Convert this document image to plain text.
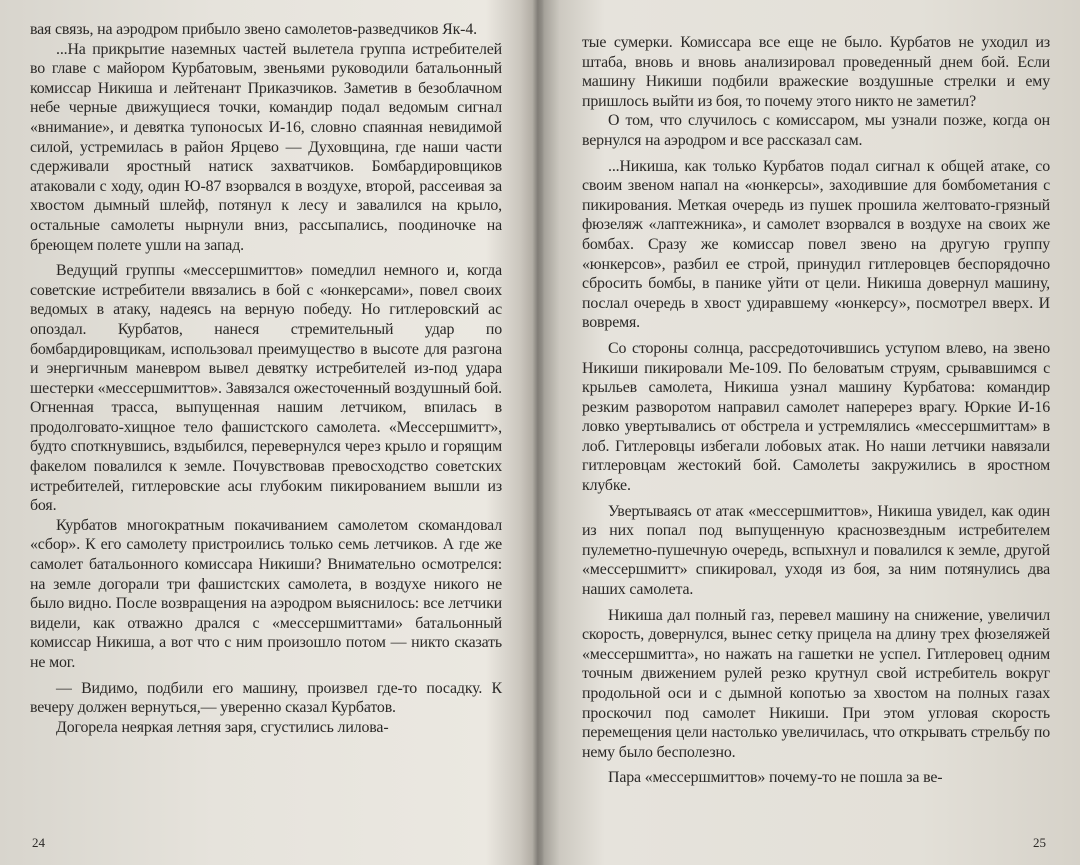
вая связь, на аэродром прибыло звено самолетов-разведчиков Як-4.

...На прикрытие наземных частей вылетела группа истребителей во главе с майором Курбатовым, звеньями руководили батальонный комиссар Никиша и лейтенант Приказчиков. Заметив в безоблачном небе черные движущиеся точки, командир подал ведомым сигнал «внимание», и девятка тупоносых И-16, словно спаянная невидимой силой, устремилась в район Ярцево — Духовщина, где наши части сдерживали яростный натиск захватчиков. Бомбардировщиков атаковали с ходу, один Ю-87 взорвался в воздухе, второй, рассеивая за хвостом дымный шлейф, потянул к лесу и завалился на крыло, остальные самолеты нырнули вниз, рассыпались, поодиночке на бреющем полете ушли на запад.

Ведущий группы «мессершмиттов» помедлил немного и, когда советские истребители ввязались в бой с «юнкерсами», повел своих ведомых в атаку, надеясь на верную победу. Но гитлеровский ас опоздал. Курбатов, нанеся стремительный удар по бомбардировщикам, использовал преимущество в высоте для разгона и энергичным маневром вывел девятку истребителей из-под удара шестерки «мессершмиттов». Завязался ожесточенный воздушный бой. Огненная трасса, выпущенная нашим летчиком, впилась в продолговато-хищное тело фашистского самолета. «Мессершмитт», будто споткнувшись, вздыбился, перевернулся через крыло и горящим факелом повалился к земле. Почувствовав превосходство советских истребителей, гитлеровские асы глубоким пикированием вышли из боя.

Курбатов многократным покачиванием самолетом скомандовал «сбор». К его самолету пристроились только семь летчиков. А где же самолет батальонного комиссара Никиши? Внимательно осмотрелся: на земле догорали три фашистских самолета, в воздухе никого не было видно. После возвращения на аэродром выяснилось: все летчики видели, как отважно дрался с «мессершмиттами» батальонный комиссар Никиша, а вот что с ним произошло потом — никто сказать не мог.

— Видимо, подбили его машину, произвел где-то посадку. К вечеру должен вернуться,— уверенно сказал Курбатов.

Догорела неяркая летняя заря, сгустились лилова-

24

тые сумерки. Комиссара все еще не было. Курбатов не уходил из штаба, вновь и вновь анализировал проведенный днем бой. Если машину Никиши подбили вражеские воздушные стрелки и ему пришлось выйти из боя, то почему этого никто не заметил?

О том, что случилось с комиссаром, мы узнали позже, когда он вернулся на аэродром и все рассказал сам.

...Никиша, как только Курбатов подал сигнал к общей атаке, со своим звеном напал на «юнкерсы», заходившие для бомбометания с пикирования. Меткая очередь из пушек прошила желтовато-грязный фюзеляж «лаптежника», и самолет взорвался в воздухе на своих же бомбах. Сразу же комиссар повел звено на другую группу «юнкерсов», разбил ее строй, принудил гитлеровцев беспорядочно сбросить бомбы, в панике уйти от цели. Никиша довернул машину, послал очередь в хвост удиравшему «юнкерсу», посмотрел вверх. И вовремя.

Со стороны солнца, рассредоточившись уступом влево, на звено Никиши пикировали Ме-109. По беловатым струям, срывавшимся с крыльев самолета, Никиша узнал машину Курбатова: командир резким разворотом направил самолет наперерез врагу. Юркие И-16 ловко увертывались от обстрела и устремлялись «мессершмиттам» в лоб. Гитлеровцы избегали лобовых атак. Но наши летчики навязали гитлеровцам жестокий бой. Самолеты закружились в яростном клубке.

Увертываясь от атак «мессершмиттов», Никиша увидел, как один из них попал под выпущенную краснозвездным истребителем пулеметно-пушечную очередь, вспыхнул и повалился к земле, другой «мессершмитт» спикировал, уходя из боя, за ним потянулись два наших самолета.

Никиша дал полный газ, перевел машину на снижение, увеличил скорость, довернулся, вынес сетку прицела на длину трех фюзеляжей «мессершмитта», но нажать на гашетки не успел. Гитлеровец одним точным движением рулей резко крутнул свой истребитель вокруг продольной оси и с дымной копотью за хвостом на полных газах проскочил под самолет Никиши. При этом угловая скорость перемещения цели настолько увеличилась, что открывать стрельбу по нему было бесполезно.

Пара «мессершмиттов» почему-то не пошла за ве-

25
